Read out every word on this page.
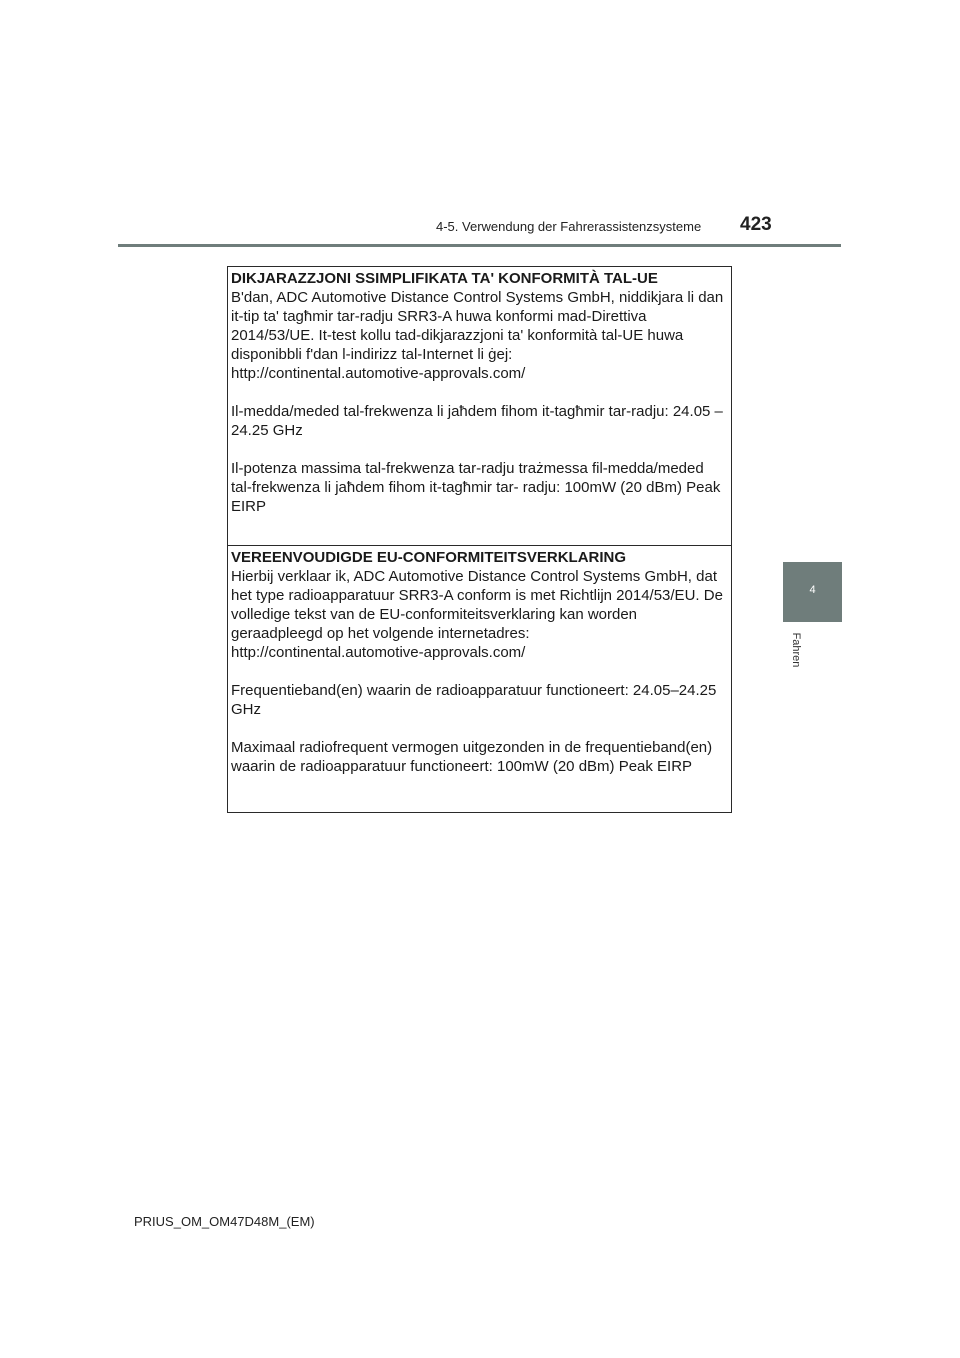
4-5. Verwendung der Fahrerassistenzsysteme 423
4
Fahren

DIKJARAZZJONI SSIMPLIFIKATA TA' KONFORMITÀ TAL-UE

B'dan, ADC Automotive Distance Control Systems GmbH, niddikjara li dan it-tip ta' tagħmir tar-radju SRR3-A huwa konformi mad-Direttiva 2014/53/UE. It-test kollu tad-dikjarazzjoni ta' konformità tal-UE huwa disponibbli f'dan l-indirizz tal-Internet li ġej:
http://continental.automotive-approvals.com/

Il-medda/meded tal-frekwenza li jaħdem fihom it-tagħmir tar-radju: 24.05 –24.25 GHz

Il-potenza massima tal-frekwenza tar-radju trażmessa fil-medda/meded tal-frekwenza li jaħdem fihom it-tagħmir tar- radju: 100mW (20 dBm) Peak EIRP

VEREENVOUDIGDE EU-CONFORMITEITSVERKLARING

Hierbij verklaar ik, ADC Automotive Distance Control Systems GmbH, dat het type radioapparatuur SRR3-A conform is met Richtlijn 2014/53/EU. De volledige tekst van de EU-conformiteitsverklaring kan worden geraadpleegd op het volgende internetadres:
http://continental.automotive-approvals.com/

Frequentieband(en) waarin de radioapparatuur functioneert: 24.05–24.25 GHz

Maximaal radiofrequent vermogen uitgezonden in de frequentieband(en) waarin de radioapparatuur functioneert: 100mW (20 dBm) Peak EIRP

PRIUS_OM_OM47D48M_(EM)
